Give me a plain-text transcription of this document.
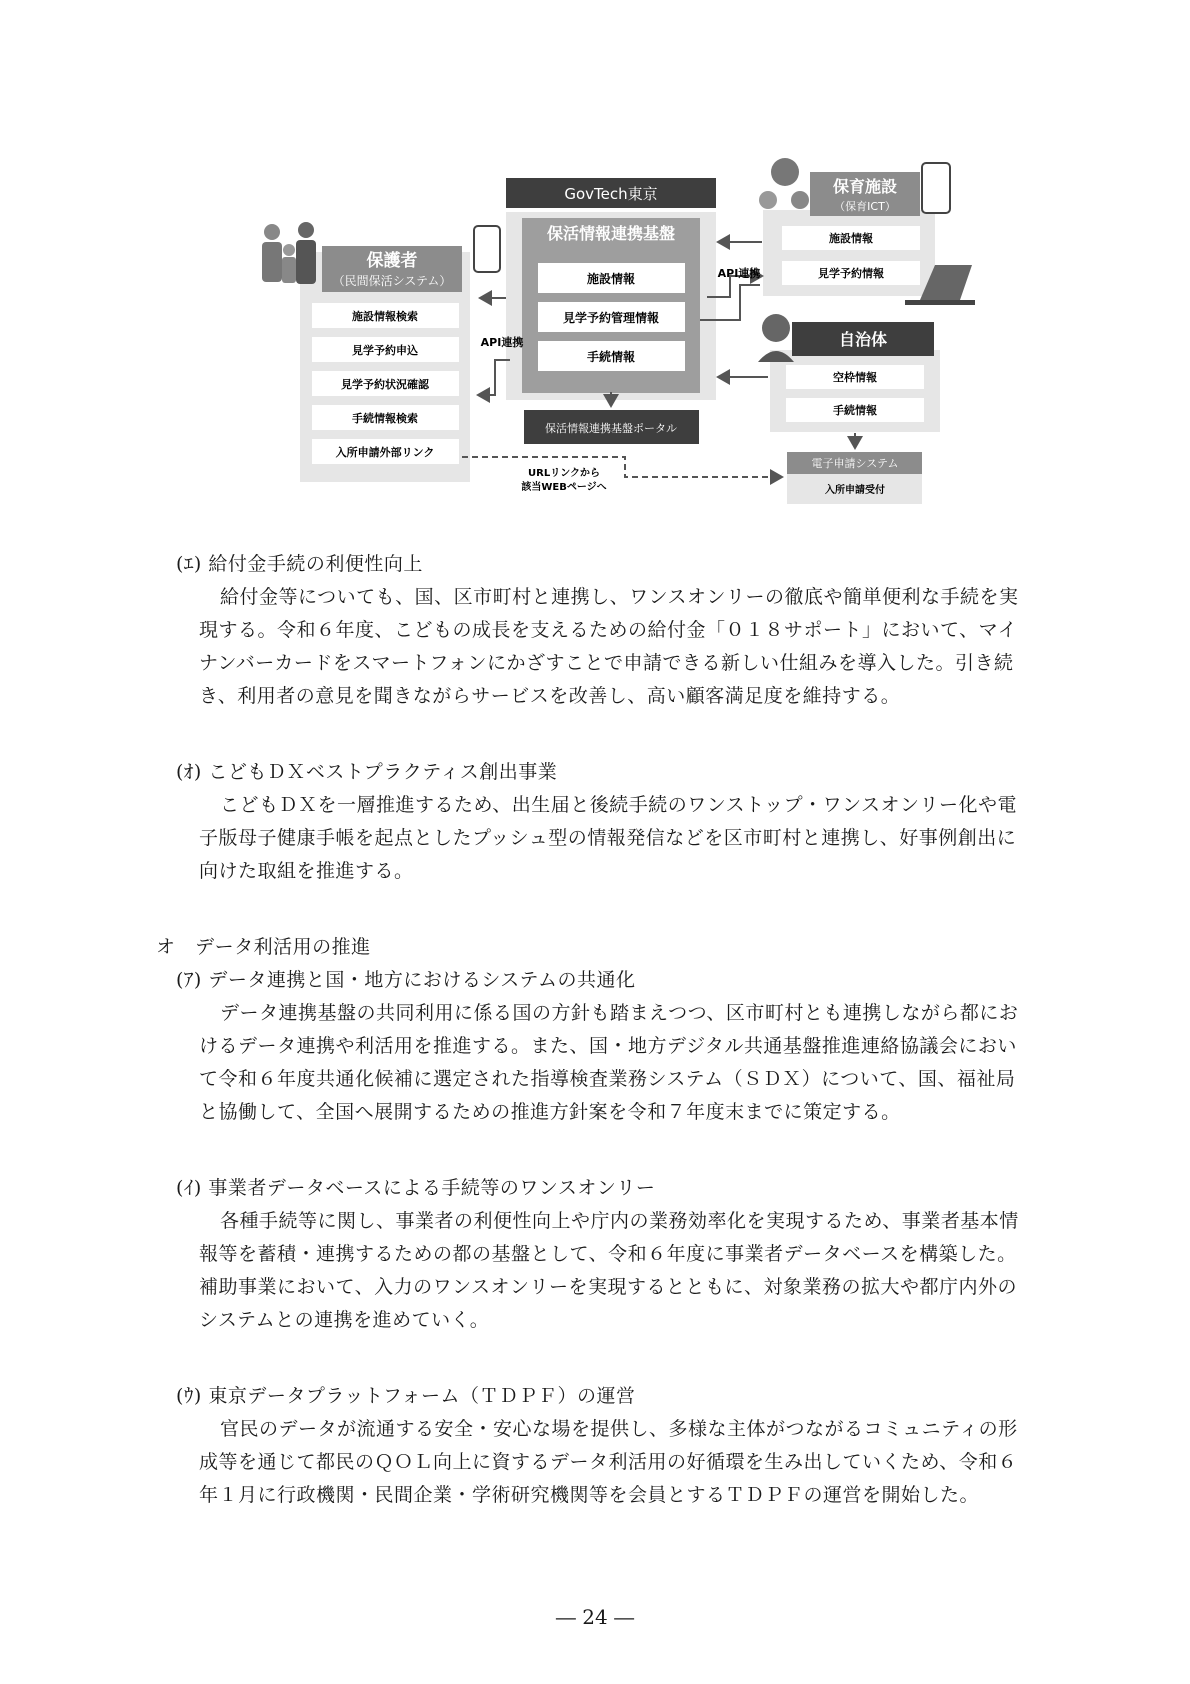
保護者
（民間保活システム）
施設情報検索
見学予約申込
見学予約状況確認
手続情報検索
入所申請外部リンク
GovTech東京
保活情報連携基盤
施設情報
見学予約管理情報
手続情報
保活情報連携基盤ポータル
保育施設
（保育ICT）
施設情報
見学予約情報
自治体
空枠情報
手続情報
電子申請システム
入所申請受付
API連携
API連携
URLリンクから
該当WEBページへ
(ｴ) 給付金手続の利便性向上
給付金等についても、国、区市町村と連携し、ワンスオンリーの徹底や簡単便利な手続を実
現する。令和６年度、こどもの成長を支えるための給付金「０１８サポート」において、マイ
ナンバーカードをスマートフォンにかざすことで申請できる新しい仕組みを導入した。引き続
き、利用者の意見を聞きながらサービスを改善し、高い顧客満足度を維持する。
(ｵ) こどもＤＸベストプラクティス創出事業
こどもＤＸを一層推進するため、出生届と後続手続のワンストップ・ワンスオンリー化や電
子版母子健康手帳を起点としたプッシュ型の情報発信などを区市町村と連携し、好事例創出に
向けた取組を推進する。
オ データ利活用の推進
(ｱ) データ連携と国・地方におけるシステムの共通化
データ連携基盤の共同利用に係る国の方針も踏まえつつ、区市町村とも連携しながら都にお
けるデータ連携や利活用を推進する。また、国・地方デジタル共通基盤推進連絡協議会におい
て令和６年度共通化候補に選定された指導検査業務システム（ＳＤＸ）について、国、福祉局
と協働して、全国へ展開するための推進方針案を令和７年度末までに策定する。
(ｲ) 事業者データベースによる手続等のワンスオンリー
各種手続等に関し、事業者の利便性向上や庁内の業務効率化を実現するため、事業者基本情
報等を蓄積・連携するための都の基盤として、令和６年度に事業者データベースを構築した。
補助事業において、入力のワンスオンリーを実現するとともに、対象業務の拡大や都庁内外の
システムとの連携を進めていく。
(ｳ) 東京データプラットフォーム（ＴＤＰＦ）の運営
官民のデータが流通する安全・安心な場を提供し、多様な主体がつながるコミュニティの形
成等を通じて都民のＱＯＬ向上に資するデータ利活用の好循環を生み出していくため、令和６
年１月に行政機関・民間企業・学術研究機関等を会員とするＴＤＰＦの運営を開始した。
― 24 ―
